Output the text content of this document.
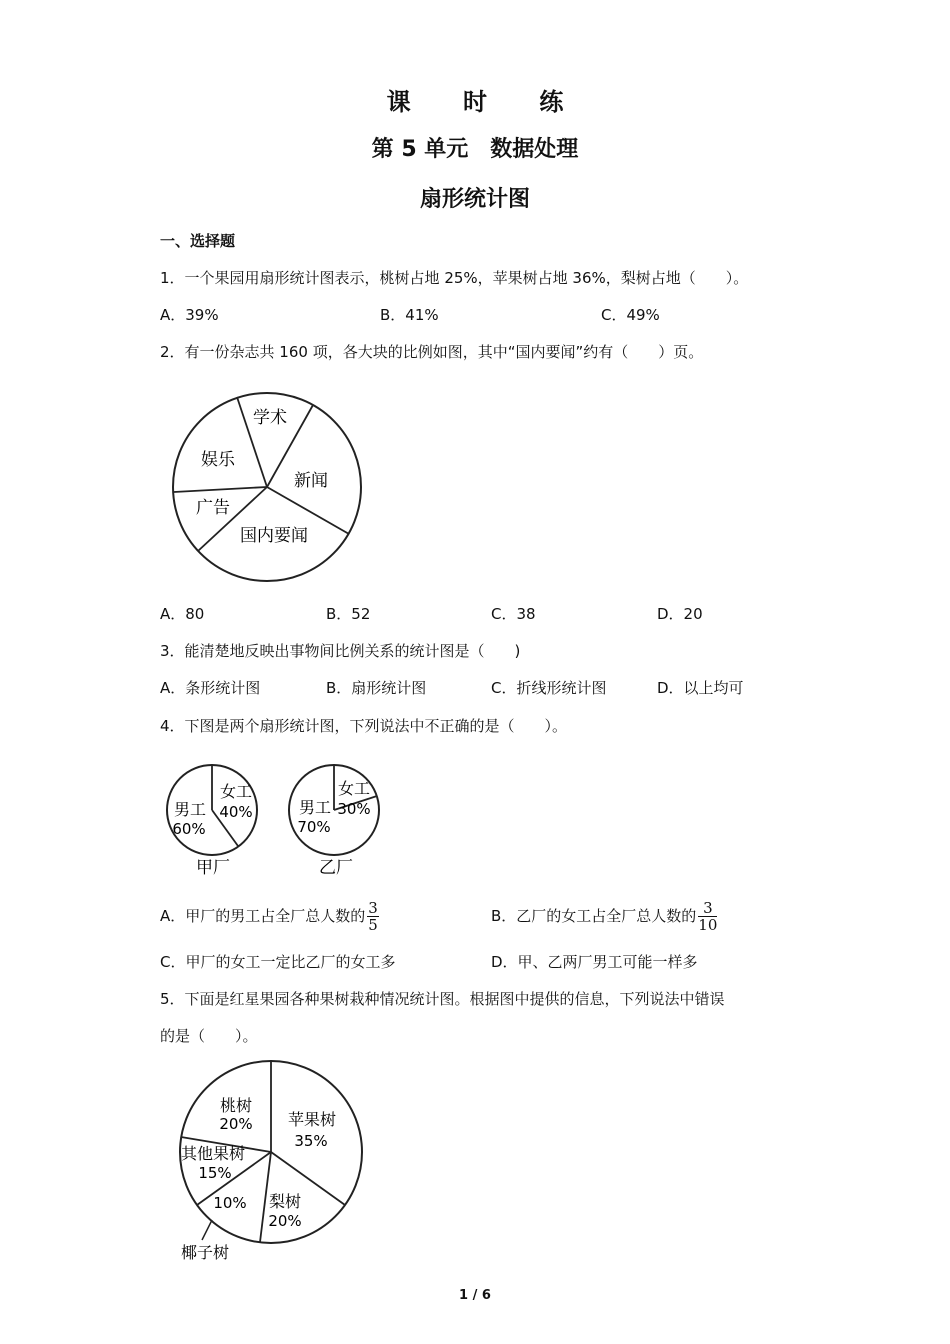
课 时 练
第 5 单元　数据处理
扇形统计图
一、选择题
1．一个果园用扇形统计图表示，桃树占地 25%，苹果树占地 36%，梨树占地（　　）。
A．39%	B．41%	C．49%
2．有一份杂志共 160 项，各大块的比例如图，其中“国内要闻”约有（　　）页。
学术
娱乐
新闻
广告
国内要闻
A．80	B．52	C．38	D．20
3．能清楚地反映出事物间比例关系的统计图是（　　)
A．条形统计图	B．扇形统计图	C．折线形统计图	D．以上均可
4．下图是两个扇形统计图，下列说法中不正确的是（　　）。
男工
60%
女工
40%
甲厂
男工
70%
女工
30%
乙厂
A．甲厂的男工占全厂总人数的 $\frac{3}{5}$	B．乙厂的女工占全厂总人数的 $\frac{3}{10}$
C．甲厂的女工一定比乙厂的女工多	D．甲、乙两厂男工可能一样多
5．下面是红星果园各种果树栽种情况统计图。根据图中提供的信息，下列说法中错误
的是（　　）。
桃树
20% 苹果树
35%
其他果树
15%
10% 梨树
20%
椰子树
1 / 6
